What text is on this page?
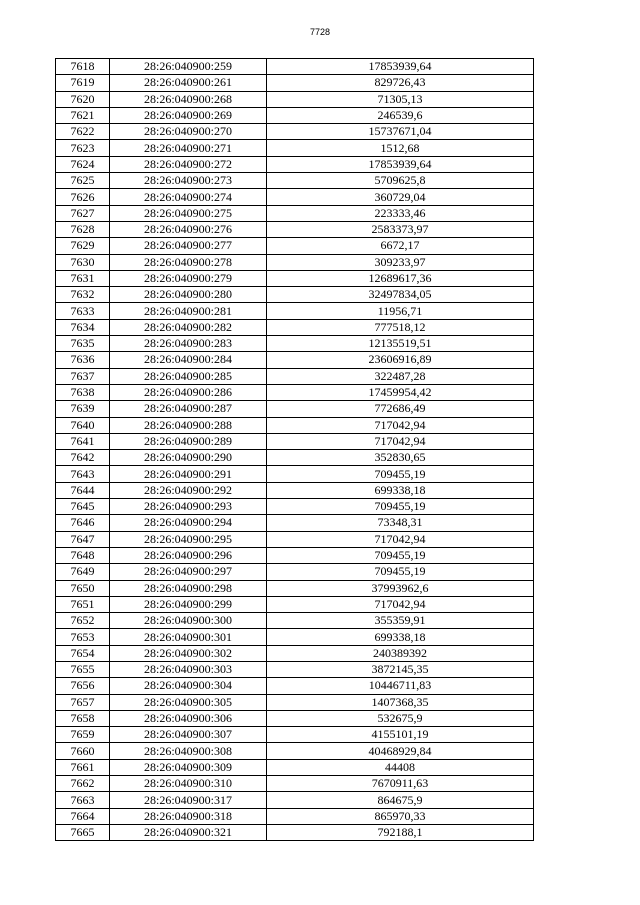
7728
7618	28:26:040900:259	17853939,64
7619	28:26:040900:261	829726,43
7620	28:26:040900:268	71305,13
7621	28:26:040900:269	246539,6
7622	28:26:040900:270	15737671,04
7623	28:26:040900:271	1512,68
7624	28:26:040900:272	17853939,64
7625	28:26:040900:273	5709625,8
7626	28:26:040900:274	360729,04
7627	28:26:040900:275	223333,46
7628	28:26:040900:276	2583373,97
7629	28:26:040900:277	6672,17
7630	28:26:040900:278	309233,97
7631	28:26:040900:279	12689617,36
7632	28:26:040900:280	32497834,05
7633	28:26:040900:281	11956,71
7634	28:26:040900:282	777518,12
7635	28:26:040900:283	12135519,51
7636	28:26:040900:284	23606916,89
7637	28:26:040900:285	322487,28
7638	28:26:040900:286	17459954,42
7639	28:26:040900:287	772686,49
7640	28:26:040900:288	717042,94
7641	28:26:040900:289	717042,94
7642	28:26:040900:290	352830,65
7643	28:26:040900:291	709455,19
7644	28:26:040900:292	699338,18
7645	28:26:040900:293	709455,19
7646	28:26:040900:294	73348,31
7647	28:26:040900:295	717042,94
7648	28:26:040900:296	709455,19
7649	28:26:040900:297	709455,19
7650	28:26:040900:298	37993962,6
7651	28:26:040900:299	717042,94
7652	28:26:040900:300	355359,91
7653	28:26:040900:301	699338,18
7654	28:26:040900:302	240389392
7655	28:26:040900:303	3872145,35
7656	28:26:040900:304	10446711,83
7657	28:26:040900:305	1407368,35
7658	28:26:040900:306	532675,9
7659	28:26:040900:307	4155101,19
7660	28:26:040900:308	40468929,84
7661	28:26:040900:309	44408
7662	28:26:040900:310	7670911,63
7663	28:26:040900:317	864675,9
7664	28:26:040900:318	865970,33
7665	28:26:040900:321	792188,1
